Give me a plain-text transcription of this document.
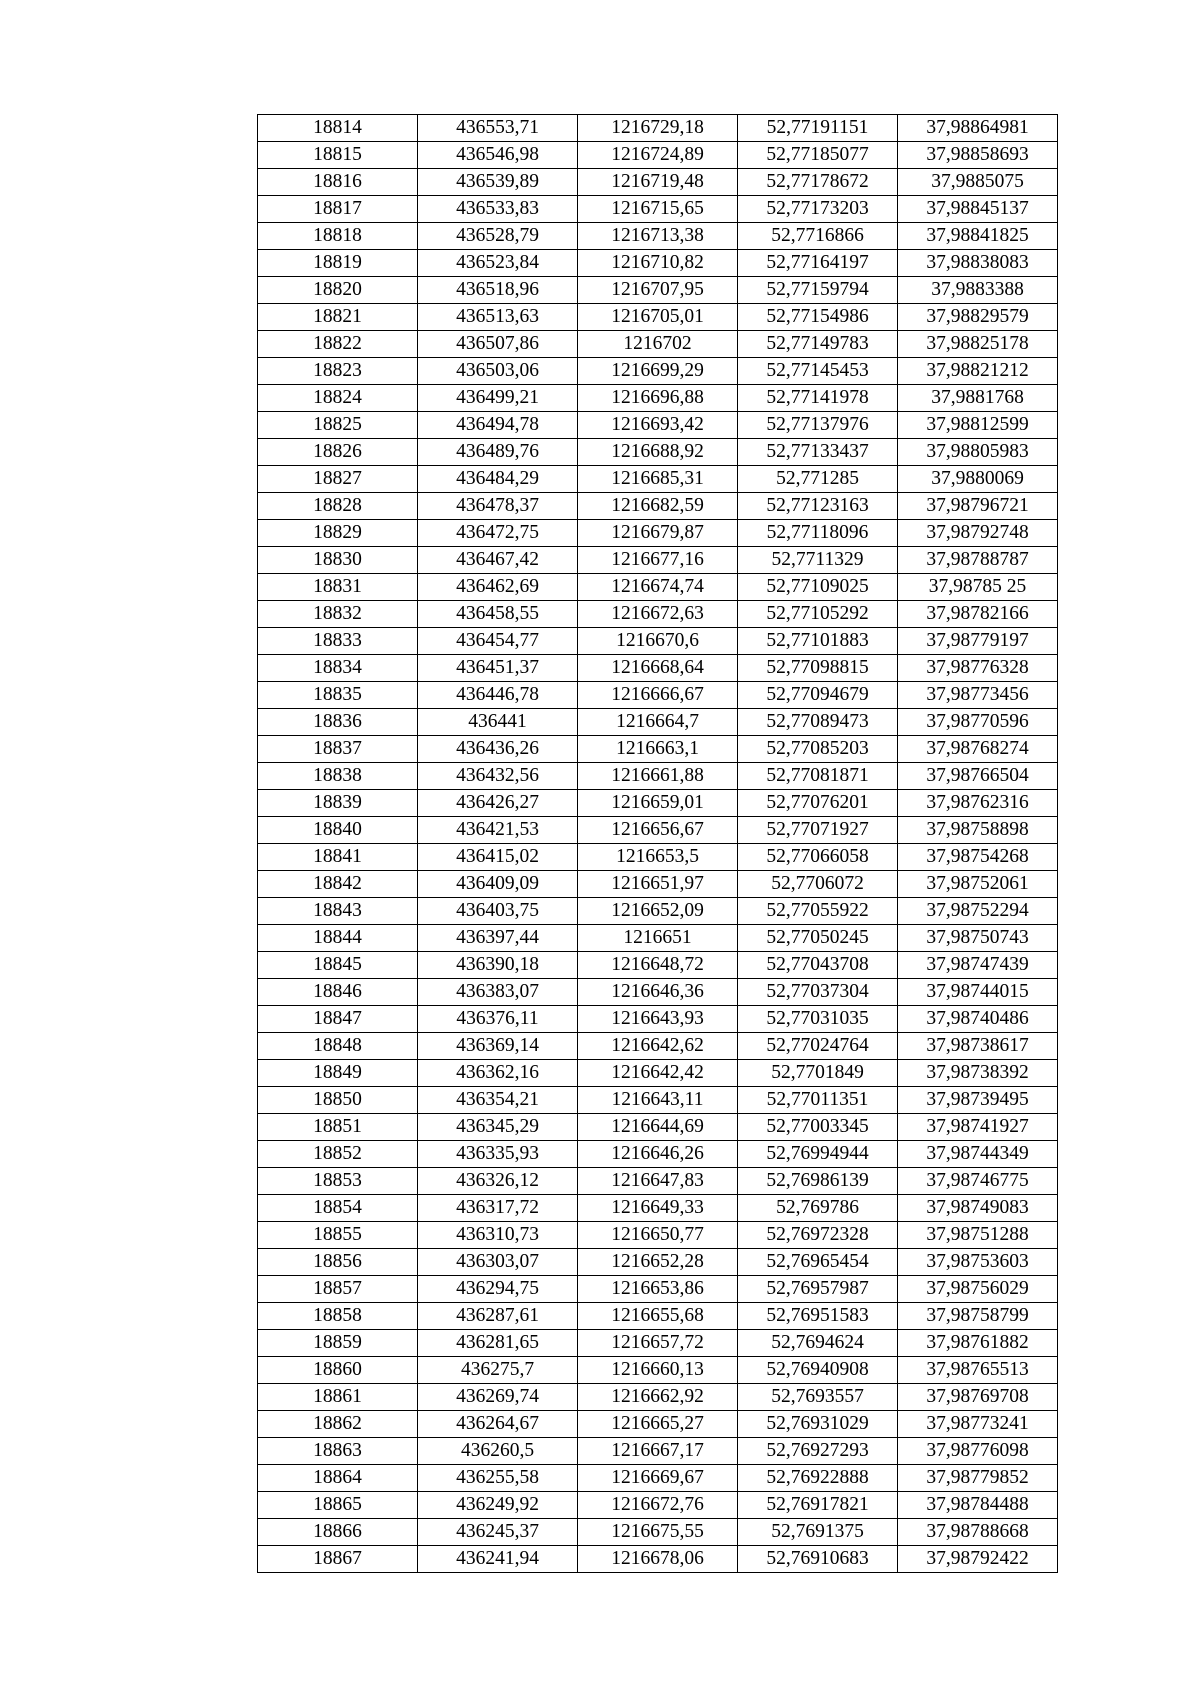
18814	436553,71	1216729,18	52,77191151	37,98864981
18815	436546,98	1216724,89	52,77185077	37,98858693
18816	436539,89	1216719,48	52,77178672	37,9885075
18817	436533,83	1216715,65	52,77173203	37,98845137
18818	436528,79	1216713,38	52,7716866	37,98841825
18819	436523,84	1216710,82	52,77164197	37,98838083
18820	436518,96	1216707,95	52,77159794	37,9883388
18821	436513,63	1216705,01	52,77154986	37,98829579
18822	436507,86	1216702	52,77149783	37,98825178
18823	436503,06	1216699,29	52,77145453	37,98821212
18824	436499,21	1216696,88	52,77141978	37,9881768
18825	436494,78	1216693,42	52,77137976	37,98812599
18826	436489,76	1216688,92	52,77133437	37,98805983
18827	436484,29	1216685,31	52,771285	37,9880069
18828	436478,37	1216682,59	52,77123163	37,98796721
18829	436472,75	1216679,87	52,77118096	37,98792748
18830	436467,42	1216677,16	52,7711329	37,98788787
18831	436462,69	1216674,74	52,77109025	37,98785 25
18832	436458,55	1216672,63	52,77105292	37,98782166
18833	436454,77	1216670,6	52,77101883	37,98779197
18834	436451,37	1216668,64	52,77098815	37,98776328
18835	436446,78	1216666,67	52,77094679	37,98773456
18836	436441	1216664,7	52,77089473	37,98770596
18837	436436,26	1216663,1	52,77085203	37,98768274
18838	436432,56	1216661,88	52,77081871	37,98766504
18839	436426,27	1216659,01	52,77076201	37,98762316
18840	436421,53	1216656,67	52,77071927	37,98758898
18841	436415,02	1216653,5	52,77066058	37,98754268
18842	436409,09	1216651,97	52,7706072	37,98752061
18843	436403,75	1216652,09	52,77055922	37,98752294
18844	436397,44	1216651	52,77050245	37,98750743
18845	436390,18	1216648,72	52,77043708	37,98747439
18846	436383,07	1216646,36	52,77037304	37,98744015
18847	436376,11	1216643,93	52,77031035	37,98740486
18848	436369,14	1216642,62	52,77024764	37,98738617
18849	436362,16	1216642,42	52,7701849	37,98738392
18850	436354,21	1216643,11	52,77011351	37,98739495
18851	436345,29	1216644,69	52,77003345	37,98741927
18852	436335,93	1216646,26	52,76994944	37,98744349
18853	436326,12	1216647,83	52,76986139	37,98746775
18854	436317,72	1216649,33	52,769786	37,98749083
18855	436310,73	1216650,77	52,76972328	37,98751288
18856	436303,07	1216652,28	52,76965454	37,98753603
18857	436294,75	1216653,86	52,76957987	37,98756029
18858	436287,61	1216655,68	52,76951583	37,98758799
18859	436281,65	1216657,72	52,7694624	37,98761882
18860	436275,7	1216660,13	52,76940908	37,98765513
18861	436269,74	1216662,92	52,7693557	37,98769708
18862	436264,67	1216665,27	52,76931029	37,98773241
18863	436260,5	1216667,17	52,76927293	37,98776098
18864	436255,58	1216669,67	52,76922888	37,98779852
18865	436249,92	1216672,76	52,76917821	37,98784488
18866	436245,37	1216675,55	52,7691375	37,98788668
18867	436241,94	1216678,06	52,76910683	37,98792422
